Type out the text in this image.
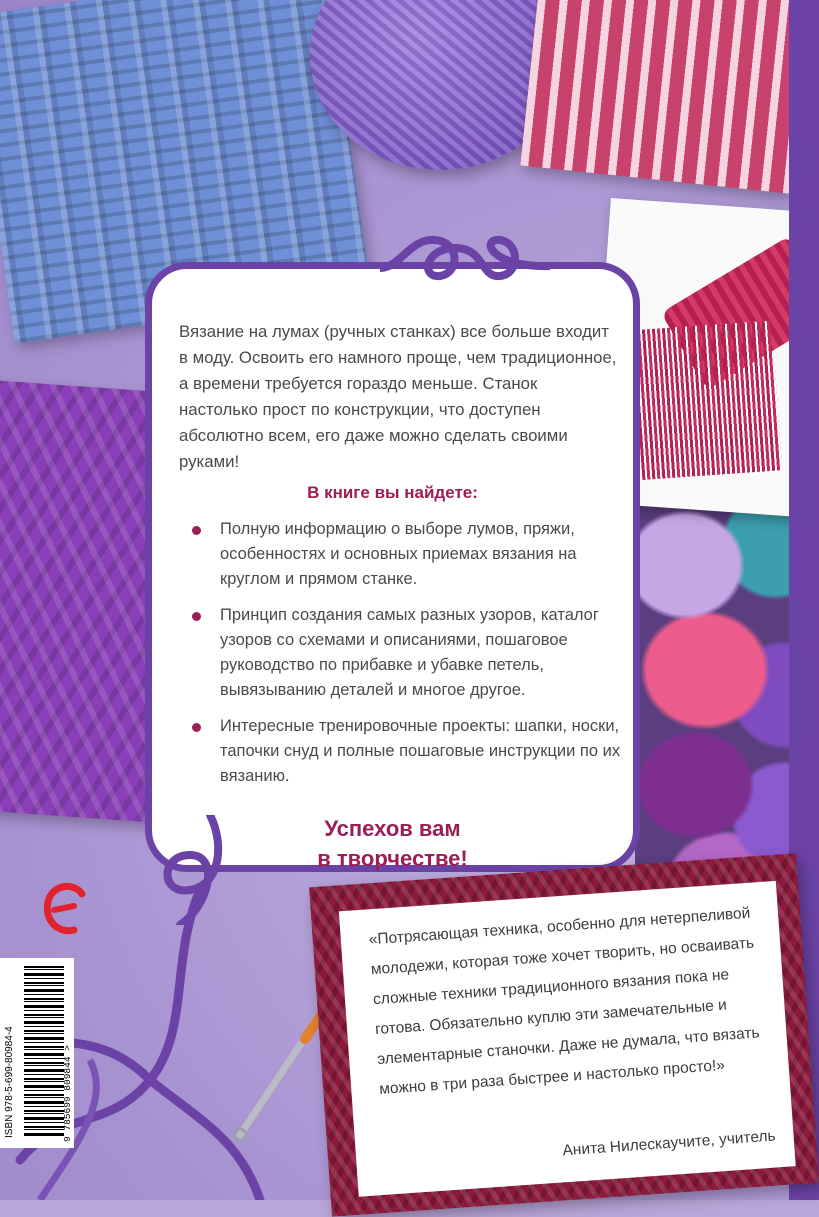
Вязание на лумах (ручных станках) все больше входит в моду. Освоить его намного проще, чем традиционное, а времени требуется гораздо меньше. Станок настолько прост по конструкции, что доступен абсолютно всем, его даже можно сделать своими руками!

В книге вы найдете:

Полную информацию о выборе лумов, пряжи, особенностях и основных приемах вязания на круглом и прямом станке.
Принцип создания самых разных узоров, каталог узоров со схемами и описаниями, пошаговое руководство по прибавке и убавке петель, вывязыванию деталей и многое другое.
Интересные тренировочные проекты: шапки, носки, тапочки снуд и полные пошаговые инструкции по их вязанию.

Успехов вам
в творчестве!

ISBN 978-5-699-80984-4	9 785699 809844 >

«Потрясающая техника, особенно для нетерпеливой молодежи, которая тоже хочет творить, но осваивать сложные техники традиционного вязания пока не готова. Обязательно куплю эти замечательные и элементарные станочки. Даже не думала, что вязать можно в три раза быстрее и настолько просто!»

Анита Нилескаучите, учитель
